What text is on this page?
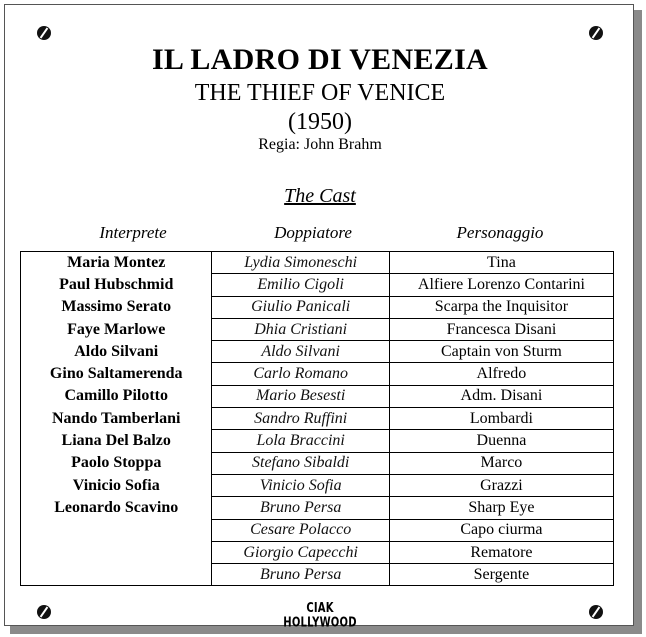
IL LADRO DI VENEZIA
THE THIEF OF VENICE
(1950)
Regia: John Brahm
The Cast
Interprete	Doppiatore	Personaggio
Maria Montez	Lydia Simoneschi	Tina
Paul Hubschmid	Emilio Cigoli	Alfiere Lorenzo Contarini
Massimo Serato	Giulio Panicali	Scarpa the Inquisitor
Faye Marlowe	Dhia Cristiani	Francesca Disani
Aldo Silvani	Aldo Silvani	Captain von Sturm
Gino Saltamerenda	Carlo Romano	Alfredo
Camillo Pilotto	Mario Besesti	Adm. Disani
Nando Tamberlani	Sandro Ruffini	Lombardi
Liana Del Balzo	Lola Braccini	Duenna
Paolo Stoppa	Stefano Sibaldi	Marco
Vinicio Sofia	Vinicio Sofia	Grazzi
Leonardo Scavino	Bruno Persa	Sharp Eye
	Cesare Polacco	Capo ciurma
	Giorgio Capecchi	Rematore
	Bruno Persa	Sergente
CIAK HOLLYWOOD
